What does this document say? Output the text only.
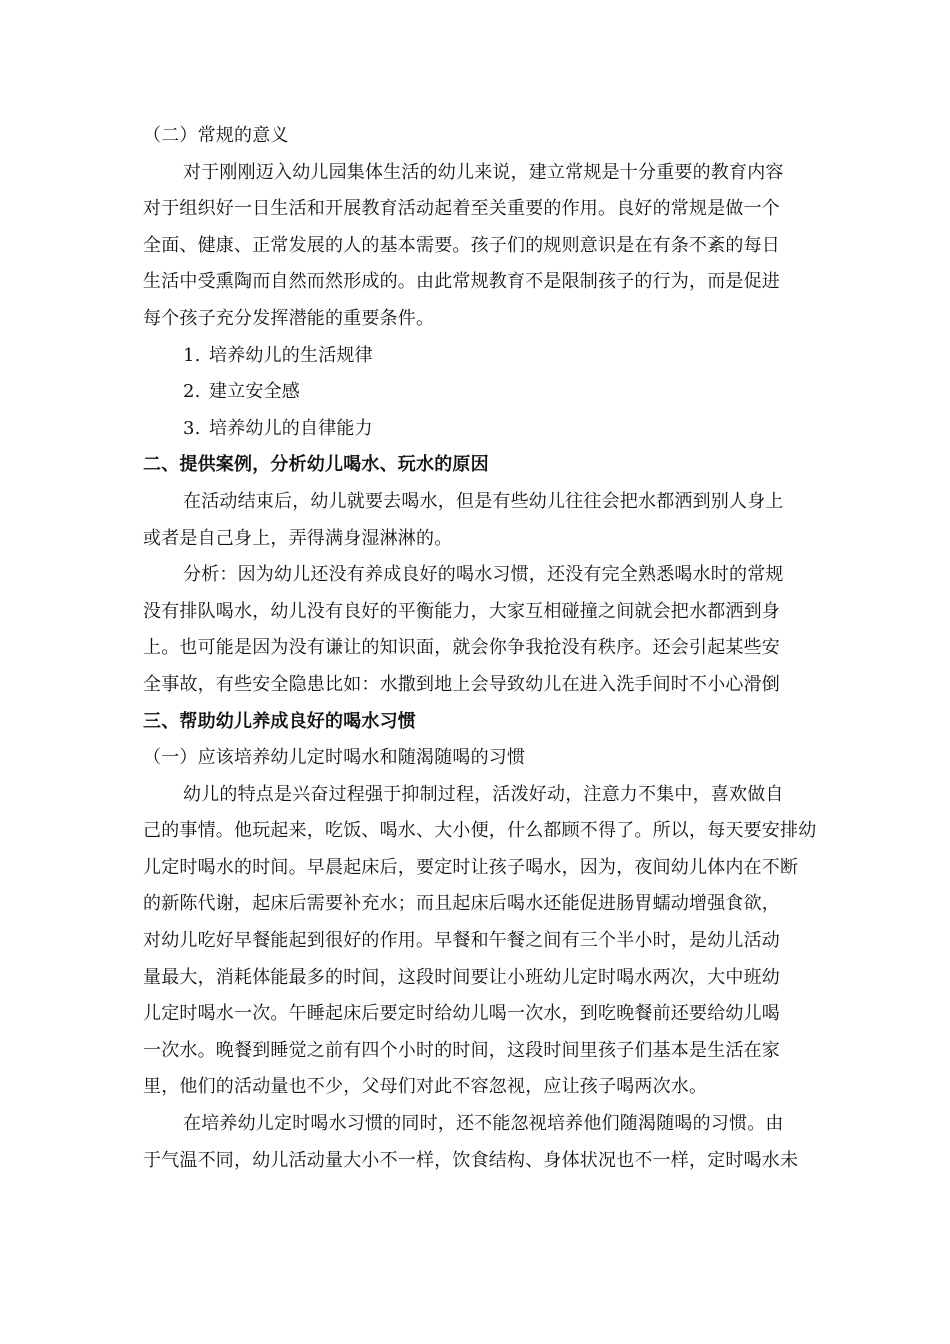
（二）常规的意义
对于刚刚迈入幼儿园集体生活的幼儿来说，建立常规是十分重要的教育内容
对于组织好一日生活和开展教育活动起着至关重要的作用。良好的常规是做一个
全面、健康、正常发展的人的基本需要。孩子们的规则意识是在有条不紊的每日
生活中受熏陶而自然而然形成的。由此常规教育不是限制孩子的行为，而是促进
每个孩子充分发挥潜能的重要条件。
1. 培养幼儿的生活规律
2. 建立安全感
3. 培养幼儿的自律能力
二、提供案例，分析幼儿喝水、玩水的原因
在活动结束后，幼儿就要去喝水，但是有些幼儿往往会把水都洒到别人身上
或者是自己身上，弄得满身湿淋淋的。
分析：因为幼儿还没有养成良好的喝水习惯，还没有完全熟悉喝水时的常规
没有排队喝水，幼儿没有良好的平衡能力，大家互相碰撞之间就会把水都洒到身
上。也可能是因为没有谦让的知识面，就会你争我抢没有秩序。还会引起某些安
全事故，有些安全隐患比如：水撒到地上会导致幼儿在进入洗手间时不小心滑倒
三、帮助幼儿养成良好的喝水习惯
（一）应该培养幼儿定时喝水和随渴随喝的习惯
幼儿的特点是兴奋过程强于抑制过程，活泼好动，注意力不集中，喜欢做自
己的事情。他玩起来，吃饭、喝水、大小便，什么都顾不得了。所以，每天要安排幼
儿定时喝水的时间。早晨起床后，要定时让孩子喝水，因为，夜间幼儿体内在不断
的新陈代谢，起床后需要补充水；而且起床后喝水还能促进肠胃蠕动增强食欲，
对幼儿吃好早餐能起到很好的作用。早餐和午餐之间有三个半小时，是幼儿活动
量最大，消耗体能最多的时间，这段时间要让小班幼儿定时喝水两次，大中班幼
儿定时喝水一次。午睡起床后要定时给幼儿喝一次水，到吃晚餐前还要给幼儿喝
一次水。晚餐到睡觉之前有四个小时的时间，这段时间里孩子们基本是生活在家
里，他们的活动量也不少，父母们对此不容忽视，应让孩子喝两次水。
在培养幼儿定时喝水习惯的同时，还不能忽视培养他们随渴随喝的习惯。由
于气温不同，幼儿活动量大小不一样，饮食结构、身体状况也不一样，定时喝水未
